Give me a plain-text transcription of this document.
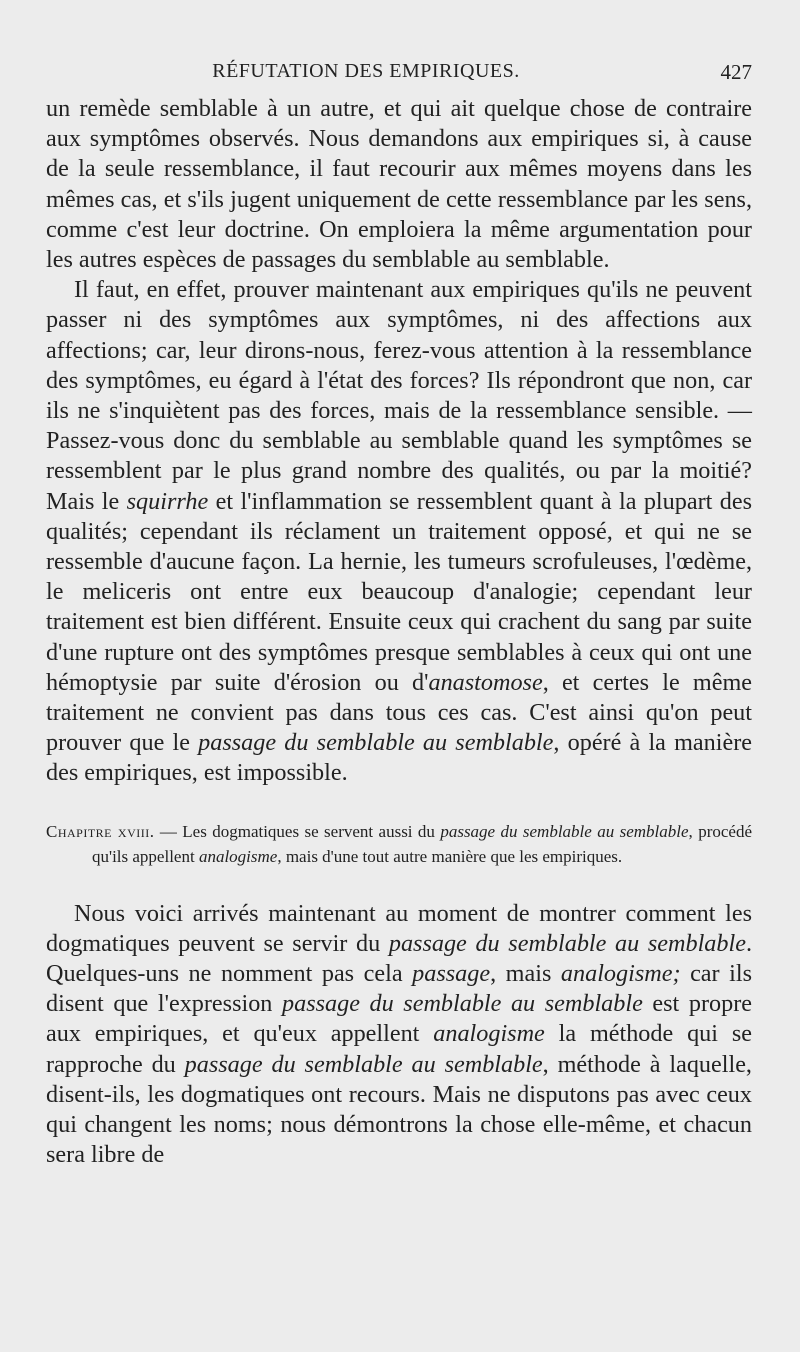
RÉFUTATION DES EMPIRIQUES.	427

un remède semblable à un autre, et qui ait quelque chose de contraire aux symptômes observés. Nous demandons aux empiriques si, à cause de la seule ressemblance, il faut recourir aux mêmes moyens dans les mêmes cas, et s'ils jugent uniquement de cette ressemblance par les sens, comme c'est leur doctrine. On emploiera la même argumentation pour les autres espèces de passages du semblable au semblable.

Il faut, en effet, prouver maintenant aux empiriques qu'ils ne peuvent passer ni des symptômes aux symptômes, ni des affections aux affections; car, leur dirons-nous, ferez-vous attention à la ressemblance des symptômes, eu égard à l'état des forces? Ils répondront que non, car ils ne s'inquiètent pas des forces, mais de la ressemblance sensible. — Passez-vous donc du semblable au semblable quand les symptômes se ressemblent par le plus grand nombre des qualités, ou par la moitié? Mais le squirrhe et l'inflammation se ressemblent quant à la plupart des qualités; cependant ils réclament un traitement opposé, et qui ne se ressemble d'aucune façon. La hernie, les tumeurs scrofuleuses, l'œdème, le meliceris ont entre eux beaucoup d'analogie; cependant leur traitement est bien différent. Ensuite ceux qui crachent du sang par suite d'une rupture ont des symptômes presque semblables à ceux qui ont une hémoptysie par suite d'érosion ou d'anastomose, et certes le même traitement ne convient pas dans tous ces cas. C'est ainsi qu'on peut prouver que le passage du semblable au semblable, opéré à la manière des empiriques, est impossible.

Chapitre xviii. — Les dogmatiques se servent aussi du passage du semblable au semblable, procédé qu'ils appellent analogisme, mais d'une tout autre manière que les empiriques.

Nous voici arrivés maintenant au moment de montrer comment les dogmatiques peuvent se servir du passage du semblable au semblable. Quelques-uns ne nomment pas cela passage, mais analogisme; car ils disent que l'expression passage du semblable au semblable est propre aux empiriques, et qu'eux appellent analogisme la méthode qui se rapproche du passage du semblable au semblable, méthode à laquelle, disent-ils, les dogmatiques ont recours. Mais ne disputons pas avec ceux qui changent les noms; nous démontrons la chose elle-même, et chacun sera libre de
